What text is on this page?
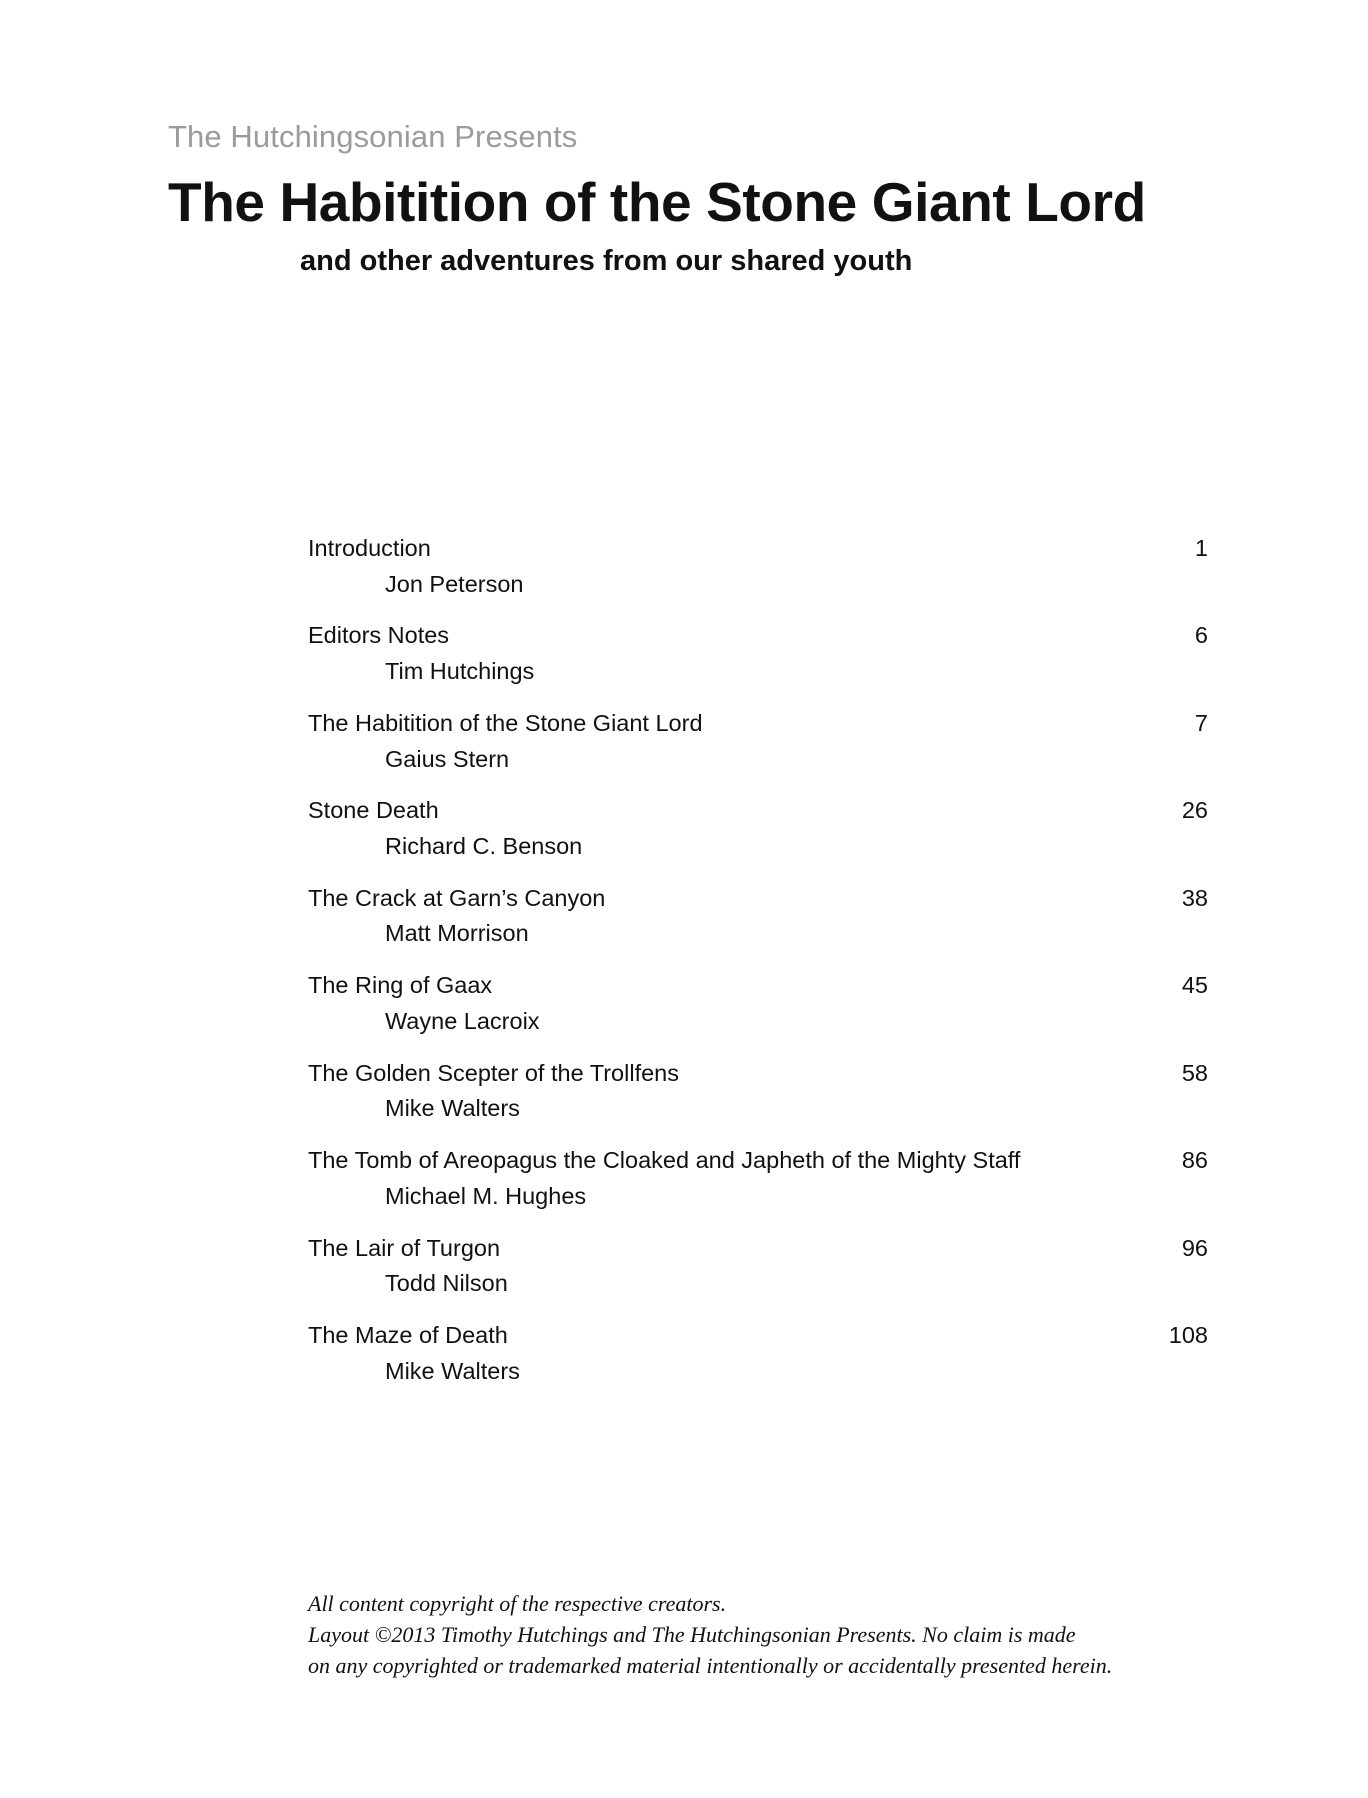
The Hutchingsonian Presents
The Habitition of the Stone Giant Lord
and other adventures from our shared youth
Introduction	1
Jon Peterson
Editors Notes	6
Tim Hutchings
The Habitition of the Stone Giant Lord	7
Gaius Stern
Stone Death	26
Richard C. Benson
The Crack at Garn’s Canyon	38
Matt Morrison
The Ring of Gaax	45
Wayne Lacroix
The Golden Scepter of the Trollfens	58
Mike Walters
The Tomb of Areopagus the Cloaked and Japheth of the Mighty Staff	86
Michael M. Hughes
The Lair of Turgon	96
Todd Nilson
The Maze of Death	108
Mike Walters
All content copyright of the respective creators.
Layout ©2013 Timothy Hutchings and The Hutchingsonian Presents. No claim is made
on any copyrighted or trademarked material intentionally or accidentally presented herein.
